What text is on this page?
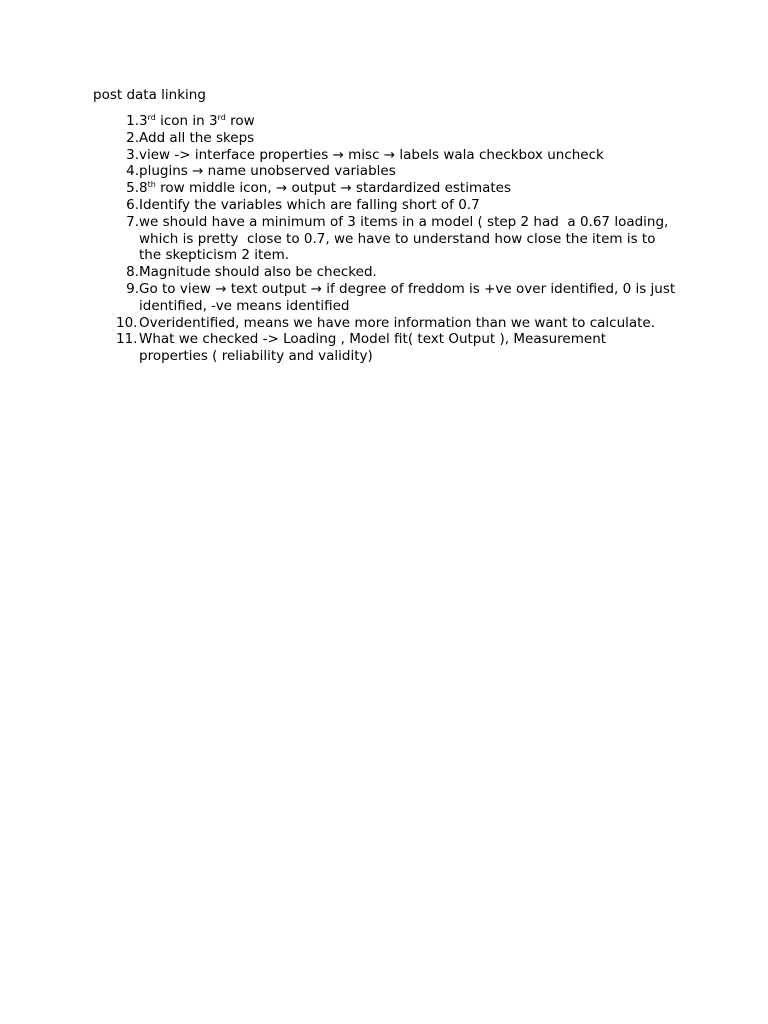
post data linking
1. 3rd icon in 3rd row
2. Add all the skeps
3. view -> interface properties → misc → labels wala checkbox uncheck
4. plugins → name unobserved variables
5. 8th row middle icon, → output → stardardized estimates
6. Identify the variables which are falling short of 0.7
7. we should have a minimum of 3 items in a model ( step 2 had  a 0.67 loading, which is pretty  close to 0.7, we have to understand how close the item is to the skepticism 2 item.
8. Magnitude should also be checked.
9. Go to view → text output → if degree of freddom is +ve over identified, 0 is just identified, -ve means identified
10. Overidentified, means we have more information than we want to calculate.
11. What we checked -> Loading , Model fit( text Output ), Measurement properties ( reliability and validity)
